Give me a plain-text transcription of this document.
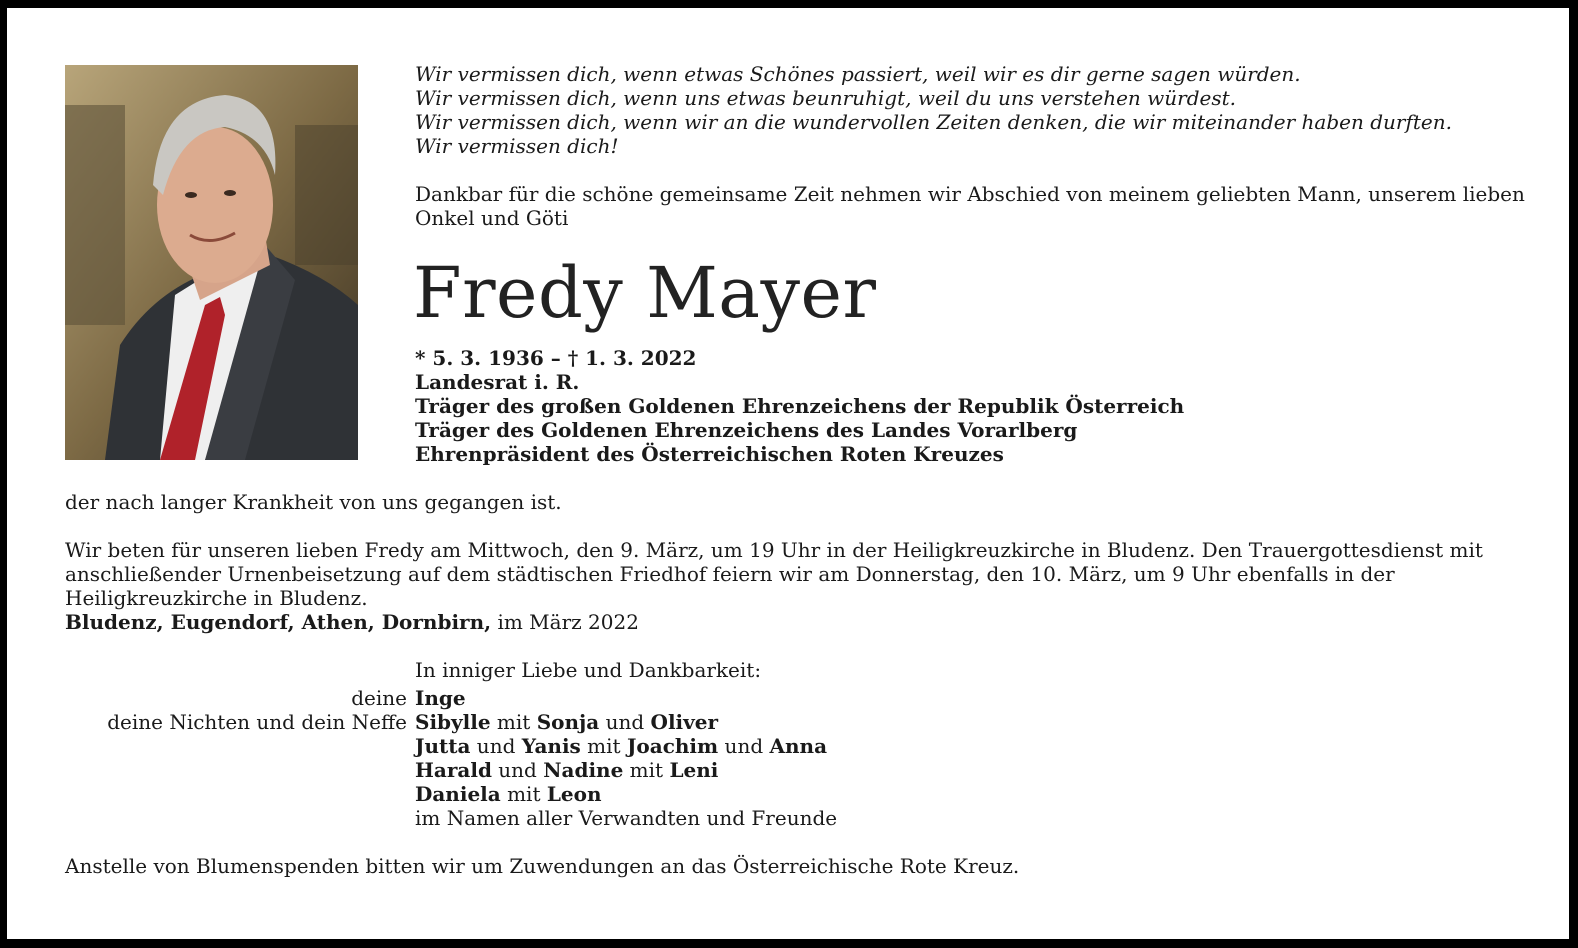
Wir vermissen dich, wenn etwas Schönes passiert, weil wir es dir gerne sagen würden.
Wir vermissen dich, wenn uns etwas beunruhigt, weil du uns verstehen würdest.
Wir vermissen dich, wenn wir an die wundervollen Zeiten denken, die wir miteinander haben durften.
Wir vermissen dich!
Dankbar für die schöne gemeinsame Zeit nehmen wir Abschied von meinem geliebten Mann, unserem lieben Onkel und Göti
Fredy Mayer
* 5. 3. 1936 – † 1. 3. 2022
Landesrat i. R.
Träger des großen Goldenen Ehrenzeichens der Republik Österreich
Träger des Goldenen Ehrenzeichens des Landes Vorarlberg
Ehrenpräsident des Österreichischen Roten Kreuzes
der nach langer Krankheit von uns gegangen ist.
Wir beten für unseren lieben Fredy am Mittwoch, den 9. März, um 19 Uhr in der Heiligkreuzkirche in Bludenz. Den Trauergottesdienst mit anschließender Urnenbeisetzung auf dem städtischen Friedhof feiern wir am Donnerstag, den 10. März, um 9 Uhr ebenfalls in der Heiligkreuzkirche in Bludenz.
Bludenz, Eugendorf, Athen, Dornbirn, im März 2022
In inniger Liebe und Dankbarkeit:
deine Inge
deine Nichten und dein Neffe Sibylle mit Sonja und Oliver
Jutta und Yanis mit Joachim und Anna
Harald und Nadine mit Leni
Daniela mit Leon
im Namen aller Verwandten und Freunde
Anstelle von Blumenspenden bitten wir um Zuwendungen an das Österreichische Rote Kreuz.
